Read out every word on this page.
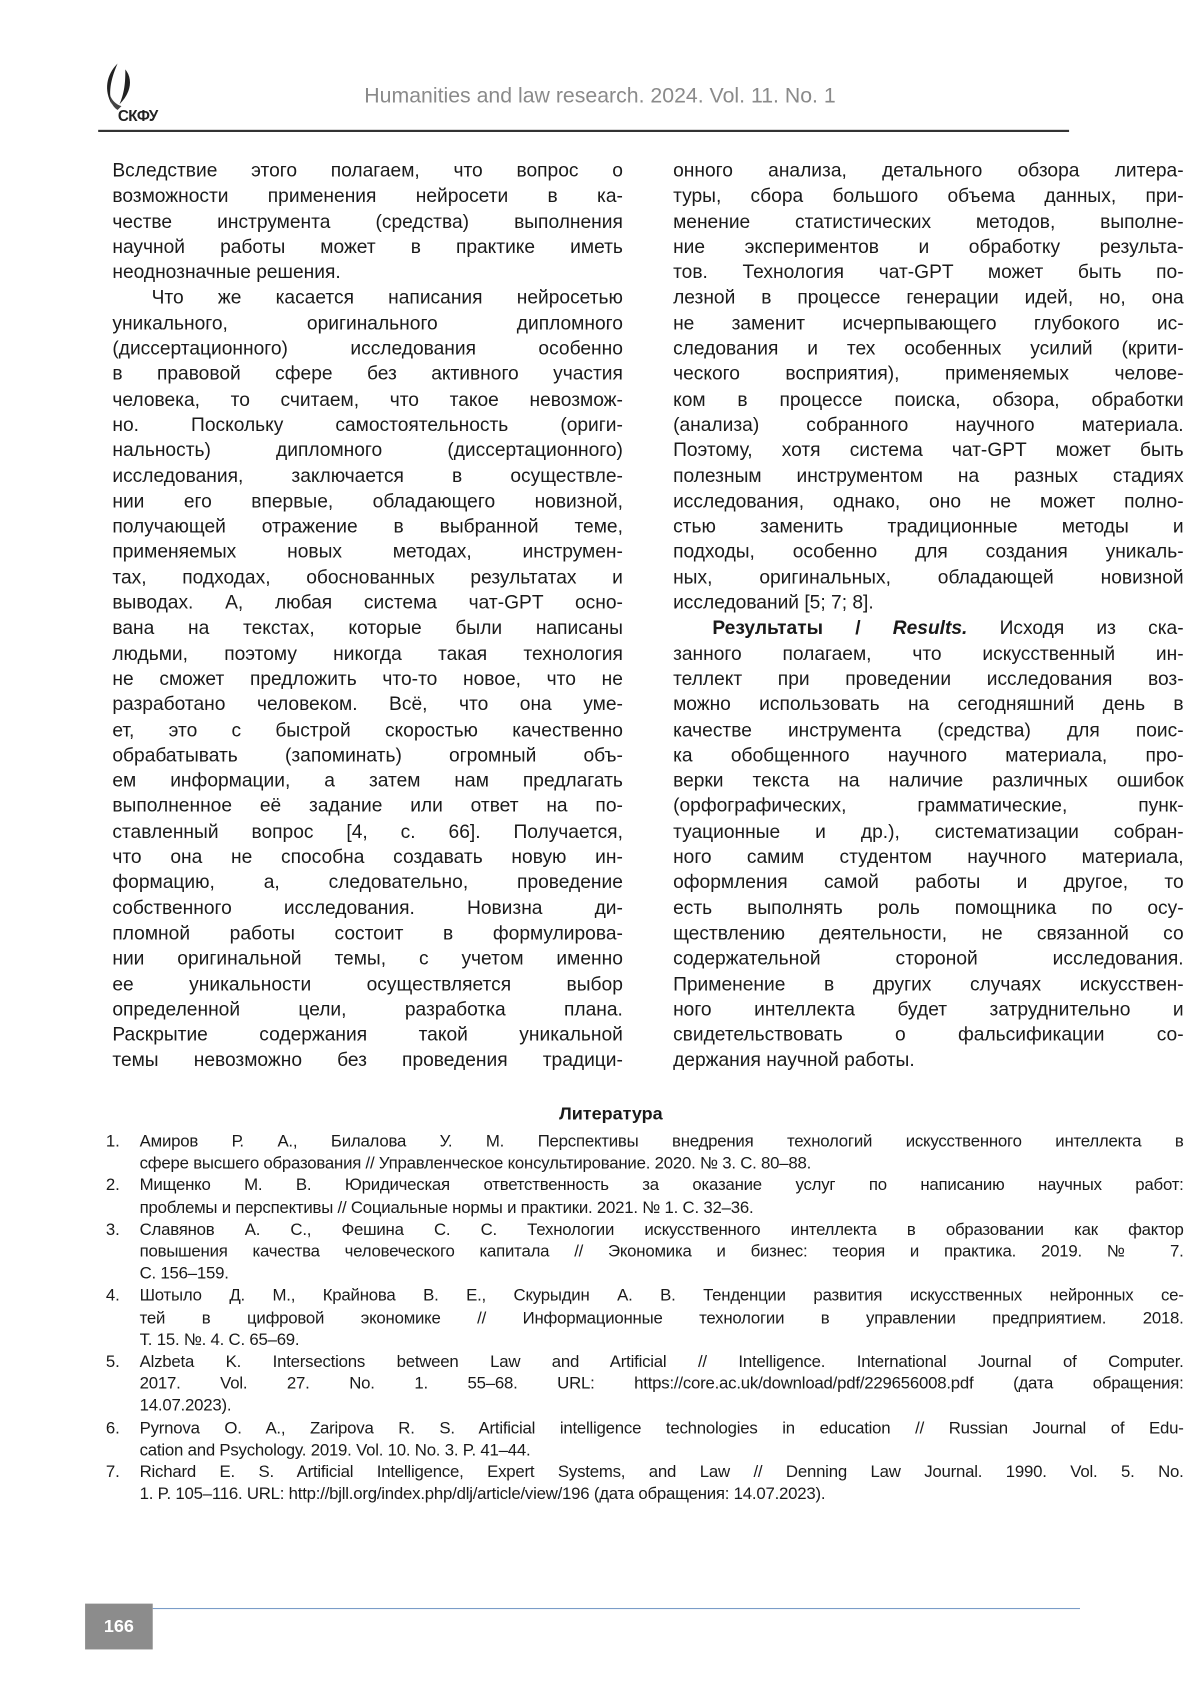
СКФУ
Humanities and law research. 2024. Vol. 11. No. 1
Вследствие этого полагаем, что вопрос о
возможности применения нейросети в ка-
честве инструмента (средства) выполнения
научной работы может в практике иметь
неоднозначные решения.
Что же касается написания нейросетью
уникального, оригинального дипломного
(диссертационного) исследования особенно
в правовой сфере без активного участия
человека, то считаем, что такое невозмож-
но. Поскольку самостоятельность (ориги-
нальность) дипломного (диссертационного)
исследования, заключается в осуществле-
нии его впервые, обладающего новизной,
получающей отражение в выбранной теме,
применяемых новых методах, инструмен-
тах, подходах, обоснованных результатах и
выводах. А, любая система чат-GPT осно-
вана на текстах, которые были написаны
людьми, поэтому никогда такая технология
не сможет предложить что-то новое, что не
разработано человеком. Всё, что она уме-
ет, это с быстрой скоростью качественно
обрабатывать (запоминать) огромный объ-
ем информации, а затем нам предлагать
выполненное её задание или ответ на по-
ставленный вопрос [4, с. 66]. Получается,
что она не способна создавать новую ин-
формацию, а, следовательно, проведение
собственного исследования. Новизна ди-
пломной работы состоит в формулирова-
нии оригинальной темы, с учетом именно
ее уникальности осуществляется выбор
определенной цели, разработка плана.
Раскрытие содержания такой уникальной
темы невозможно без проведения традици-
онного анализа, детального обзора литера-
туры, сбора большого объема данных, при-
менение статистических методов, выполне-
ние экспериментов и обработку результа-
тов. Технология чат-GPT может быть по-
лезной в процессе генерации идей, но, она
не заменит исчерпывающего глубокого ис-
следования и тех особенных усилий (крити-
ческого восприятия), применяемых челове-
ком в процессе поиска, обзора, обработки
(анализа) собранного научного материала.
Поэтому, хотя система чат-GPT может быть
полезным инструментом на разных стадиях
исследования, однако, оно не может полно-
стью заменить традиционные методы и
подходы, особенно для создания уникаль-
ных, оригинальных, обладающей новизной
исследований [5; 7; 8].
Результаты / Results. Исходя из ска-
занного полагаем, что искусственный ин-
теллект при проведении исследования воз-
можно использовать на сегодняшний день в
качестве инструмента (средства) для поис-
ка обобщенного научного материала, про-
верки текста на наличие различных ошибок
(орфографических, грамматические, пунк-
туационные и др.), систематизации собран-
ного самим студентом научного материала,
оформления самой работы и другое, то
есть выполнять роль помощника по осу-
ществлению деятельности, не связанной со
содержательной стороной исследования.
Применение в других случаях искусствен-
ного интеллекта будет затруднительно и
свидетельствовать о фальсификации со-
держания научной работы.
Литература
1. Амиров Р. А., Билалова У. М. Перспективы внедрения технологий искусственного интеллекта в
сфере высшего образования // Управленческое консультирование. 2020. № 3. С. 80–88.
2. Мищенко М. В. Юридическая ответственность за оказание услуг по написанию научных работ:
проблемы и перспективы // Социальные нормы и практики. 2021. № 1. С. 32–36.
3. Славянов А. С., Фешина С. С. Технологии искусственного интеллекта в образовании как фактор
повышения качества человеческого капитала // Экономика и бизнес: теория и практика. 2019. № 7.
С. 156–159.
4. Шотыло Д. М., Крайнова В. Е., Скурыдин А. В. Тенденции развития искусственных нейронных се-
тей в цифровой экономике // Информационные технологии в управлении предприятием. 2018.
Т. 15. №. 4. С. 65–69.
5. Alzbeta K. Intersections between Law and Artificial // Intelligence. International Journal of Computer.
2017. Vol. 27. No. 1. 55–68. URL: https://core.ac.uk/download/pdf/229656008.pdf (дата обращения:
14.07.2023).
6. Pyrnova O. A., Zaripova R. S. Artificial intelligence technologies in education // Russian Journal of Edu-
cation and Psychology. 2019. Vol. 10. No. 3. P. 41–44.
7. Richard E. S. Artificial Intelligence, Expert Systems, and Law // Denning Law Journal. 1990. Vol. 5. No.
1. P. 105–116. URL: http://bjll.org/index.php/dlj/article/view/196 (дата обращения: 14.07.2023).
166
